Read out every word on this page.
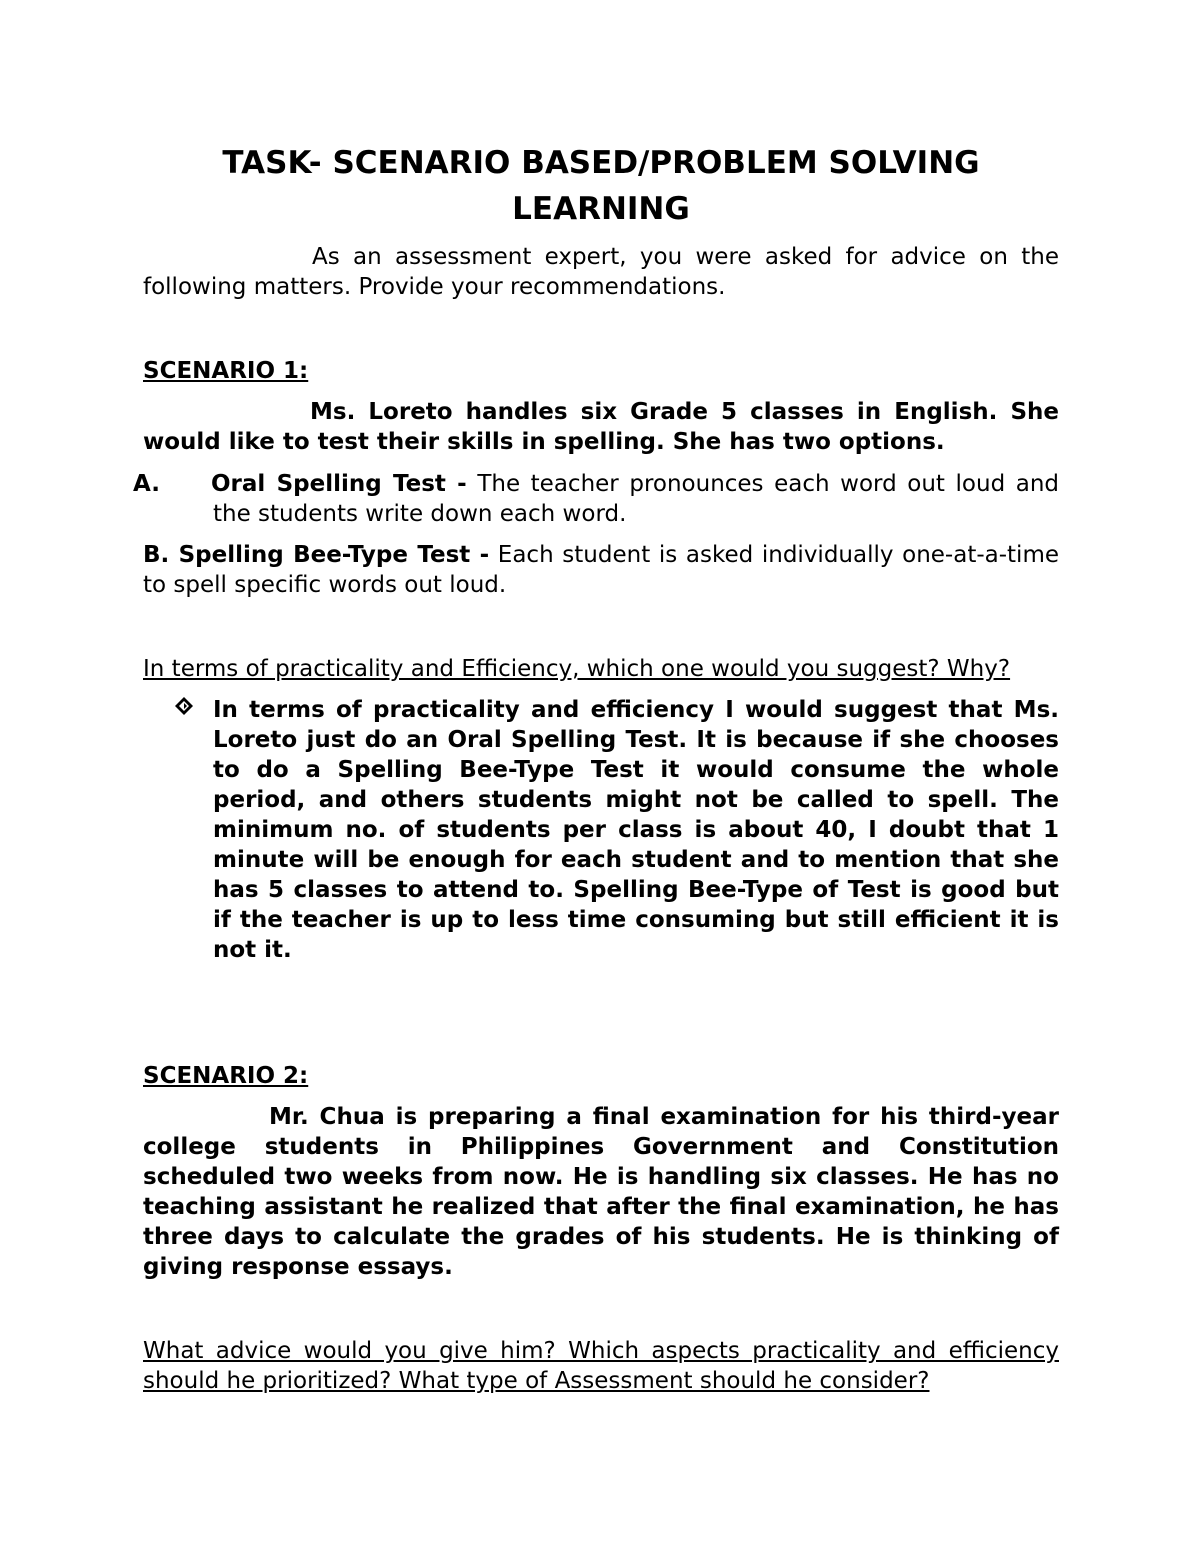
TASK- SCENARIO BASED/PROBLEM SOLVING
LEARNING
As an assessment expert, you were asked for advice on the following matters. Provide your recommendations.
SCENARIO 1:
Ms. Loreto handles six Grade 5 classes in English. She would like to test their skills in spelling. She has two options.
A. Oral Spelling Test - The teacher pronounces each word out loud and the students write down each word.
B. Spelling Bee-Type Test - Each student is asked individually one-at-a-time to spell specific words out loud.
In terms of practicality and Efficiency, which one would you suggest? Why?
In terms of practicality and efficiency I would suggest that Ms. Loreto just do an Oral Spelling Test. It is because if she chooses to do a Spelling Bee-Type Test it would consume the whole period, and others students might not be called to spell. The minimum no. of students per class is about 40, I doubt that 1 minute will be enough for each student and to mention that she has 5 classes to attend to. Spelling Bee-Type of Test is good but if the teacher is up to less time consuming but still efficient it is not it.
SCENARIO 2:
Mr. Chua is preparing a final examination for his third-year college students in Philippines Government and Constitution scheduled two weeks from now. He is handling six classes. He has no teaching assistant he realized that after the final examination, he has three days to calculate the grades of his students. He is thinking of giving response essays.
What advice would you give him? Which aspects practicality and efficiency should he prioritized? What type of Assessment should he consider?
